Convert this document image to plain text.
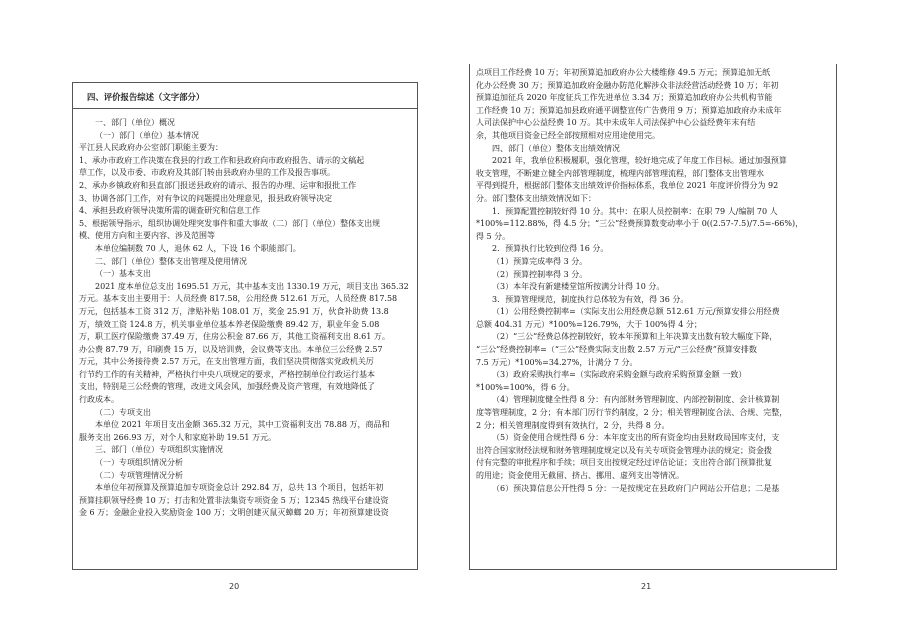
四、评价报告综述（文字部分）
一、部门（单位）概况
（一）部门（单位）基本情况
平江县人民政府办公室部门职能主要为：
1、承办市政府工作决策在我县的行政工作和县政府向市政府报告、请示的文稿起
草工作，以及市委、市政府及其部门转由县政府办里的工作及报告事项。
2、承办乡镇政府和县直部门报送县政府的请示、报告的办理、运审和报批工作
3、协调各部门工作，对有争议的问题提出处理意见，报县政府领导决定
4、承担县政府领导决策所需的调查研究和信息工作
5、根据领导指示，组织协调处理突发事件和重大事故（二）部门（单位）整体支出规
模、使用方向和主要内容、涉及范围等
本单位编制数 70 人，退休 62 人，下设 16 个职能部门。
二、部门（单位）整体支出管理及使用情况
（一）基本支出
2021 度本单位总支出 1695.51 万元，其中基本支出 1330.19 万元，项目支出 365.32
万元。基本支出主要用于：人员经费 817.58，公用经费 512.61 万元，人员经费 817.58
万元，包括基本工资 312 万，津贴补贴 108.01 万，奖金 25.91 万，伙食补助费 13.8
万，绩效工资 124.8 万，机关事业单位基本养老保险缴费 89.42 万，职业年金 5.08
万，职工医疗保险缴费 37.49 万，住房公积金 87.66 万，其他工资福利支出 8.61 万。
办公费 87.79 万，印刷费 15 万，以及培训费，会议费等支出。本单位三公经费 2.57
万元，其中公务接待费 2.57 万元，在支出管理方面，我们坚决贯彻落实党政机关厉
行节约工作的有关精神，严格执行中央八项规定的要求，严格控制单位行政运行基本
支出，特别是三公经费的管理，改进文风会风，加强经费及资产管理，有效地降低了
行政成本。
（二）专项支出
本单位 2021 年项目支出金额 365.32 万元，其中工资福利支出 78.88 万，商品和
服务支出 266.93 万，对个人和家庭补助 19.51 万元。
三、部门（单位）专项组织实施情况
（一）专项组织情况分析
（二）专项管理情况分析
本单位年初预算及预算追加专项资金总计 292.84 万，总共 13 个项目，包括年初
预算挂职领导经费 10 万；打击和处置非法集资专项资金 5 万；12345 热线平台建设资
金 6 万；金融企业投入奖励资金 100 万；文明创建灭鼠灭蟑螂 20 万；年初预算建设资
20
点项目工作经费 10 万；年初预算追加政府办公大楼维修 49.5 万元；预算追加无纸
化办公经费 30 万；预算追加政府金融办防范化解涉众非法经营活动经费 10 万；年初
预算追加征兵 2020 年度征兵工作先进单位 3.34 万；预算追加政府办公共机构节能
工作经费 10 万；预算追加县政府通平调整宣传广告费用 9 万；预算追加政府办未成年
人司法保护中心公益经费 10 万。其中未成年人司法保护中心公益经费年末有结
余，其他项目资金已经全部按照相对应用途使用完。
四、部门（单位）整体支出绩效情况
2021 年，我单位积极履职，强化管理，较好地完成了年度工作目标。通过加强预算
收支管理，不断建立健全内部管理制度，梳理内部管理流程，部门整体支出管理水
平得到提升，根据部门整体支出绩效评价指标体系，我单位 2021 年度评价得分为 92
分。部门整体支出绩效情况如下：
1．预算配置控制较好得 10 分。其中：在职人员控制率：在职 79 人/编制 70 人
*100%=112.88%，得 4.5 分；“三公”经费预算数变动率小于 0((2.57-7.5)/7.5=-66%)，
得 5 分。
2．预算执行比较到位得 16 分。
（1）预算完成率得 3 分。
（2）预算控制率得 3 分。
（3）本年没有新建楼堂馆所按满分计得 10 分。
3．预算管理规范，制度执行总体较为有效，得 36 分。
（1）公用经费控制率=（实际支出公用经费总额 512.61 万元/预算安排公用经费
总额 404.31 万元）*100%=126.79%，大于 100%得 4 分；
（2）“三公”经费总体控制较好，较本年预算和上年决算支出数有较大幅度下降，
“三公”经费控制率=（“三公”经费实际支出数 2.57 万元/“三公经费”预算安排数
7.5 万元）*100%=34.27%，计满分 7 分。
（3）政府采购执行率=（实际政府采购金额与政府采购预算金额 一致）
*100%=100%，得 6 分。
（4）管理制度健全性得 8 分：有内部财务管理制度、内部控制制度、会计核算制
度等管理制度，2 分；有本部门厉行节约制度，2 分；相关管理制度合法、合规、完整，
2 分；相关管理制度得到有效执行，2 分，共得 8 分。
（5）资金使用合规性得 6 分：本年度支出的所有资金均由县财政局国库支付，支
出符合国家财经法规和财务管理制度规定以及有关专项资金管理办法的规定；资金拨
付有完整的审批程序和手续；项目支出按规定经过评估论证；支出符合部门预算批复
的用途；资金使用无截留、挤占、挪用、虚列支出等情况。
（6）预决算信息公开性得 5 分：一是按规定在县政府门户网站公开信息；二是基
21
